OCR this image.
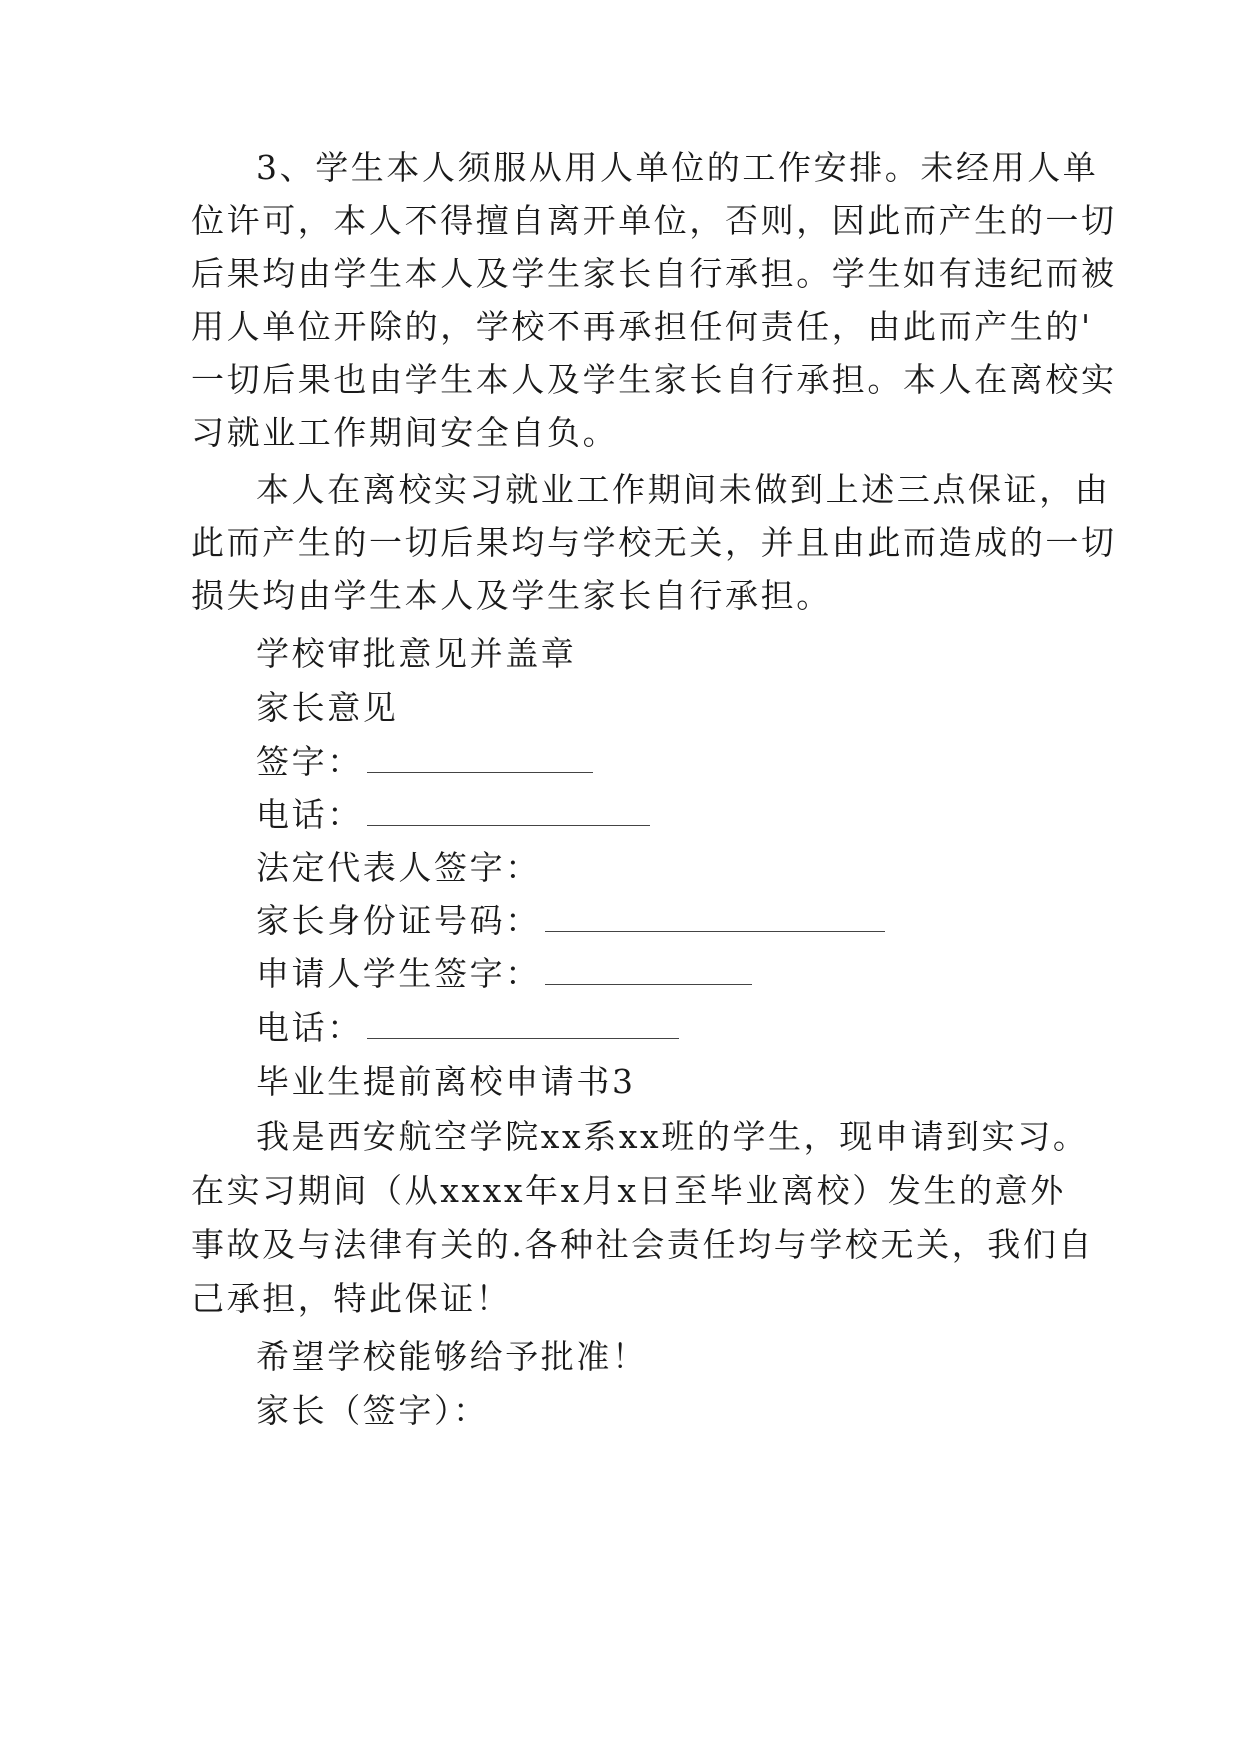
3、学生本人须服从用人单位的工作安排。未经用人单
位许可，本人不得擅自离开单位，否则，因此而产生的一切
后果均由学生本人及学生家长自行承担。学生如有违纪而被
用人单位开除的，学校不再承担任何责任，由此而产生的'
一切后果也由学生本人及学生家长自行承担。本人在离校实
习就业工作期间安全自负。
本人在离校实习就业工作期间未做到上述三点保证，由
此而产生的一切后果均与学校无关，并且由此而造成的一切
损失均由学生本人及学生家长自行承担。
学校审批意见并盖章
家长意见
签字：
电话：
法定代表人签字：
家长身份证号码：
申请人学生签字：
电话：
毕业生提前离校申请书3
我是西安航空学院xx系xx班的学生，现申请到实习。
在实习期间（从xxxx年x月x日至毕业离校）发生的意外
事故及与法律有关的.各种社会责任均与学校无关，我们自
己承担，特此保证！
希望学校能够给予批准！
家长（签字）：
